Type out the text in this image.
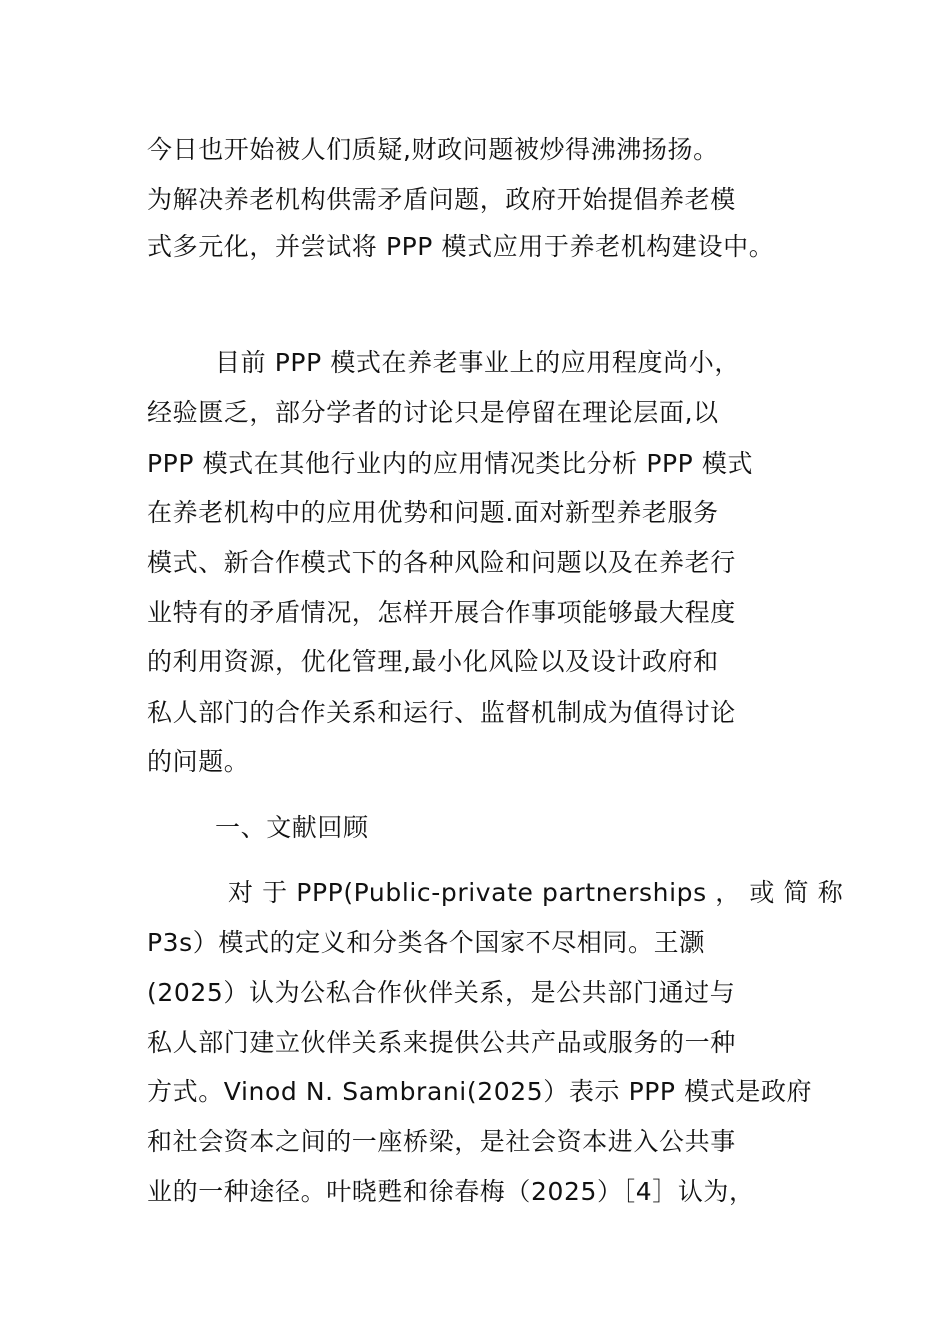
今日也开始被人们质疑,财政问题被炒得沸沸扬扬。
为解决养老机构供需矛盾问题，政府开始提倡养老模
式多元化，并尝试将 PPP 模式应用于养老机构建设中。
目前 PPP 模式在养老事业上的应用程度尚小，
经验匮乏，部分学者的讨论只是停留在理论层面,以
PPP 模式在其他行业内的应用情况类比分析 PPP 模式
在养老机构中的应用优势和问题.面对新型养老服务
模式、新合作模式下的各种风险和问题以及在养老行
业特有的矛盾情况，怎样开展合作事项能够最大程度
的利用资源，优化管理,最小化风险以及设计政府和
私人部门的合作关系和运行、监督机制成为值得讨论
的问题。
一、文献回顾
对 于 PPP(Public-private partnerships ， 或 简 称
P3s）模式的定义和分类各个国家不尽相同。王灏
(2025）认为公私合作伙伴关系，是公共部门通过与
私人部门建立伙伴关系来提供公共产品或服务的一种
方式。Vinod N. Sambrani(2025）表示 PPP 模式是政府
和社会资本之间的一座桥梁，是社会资本进入公共事
业的一种途径。叶晓甦和徐春梅（2025）［4］认为，
